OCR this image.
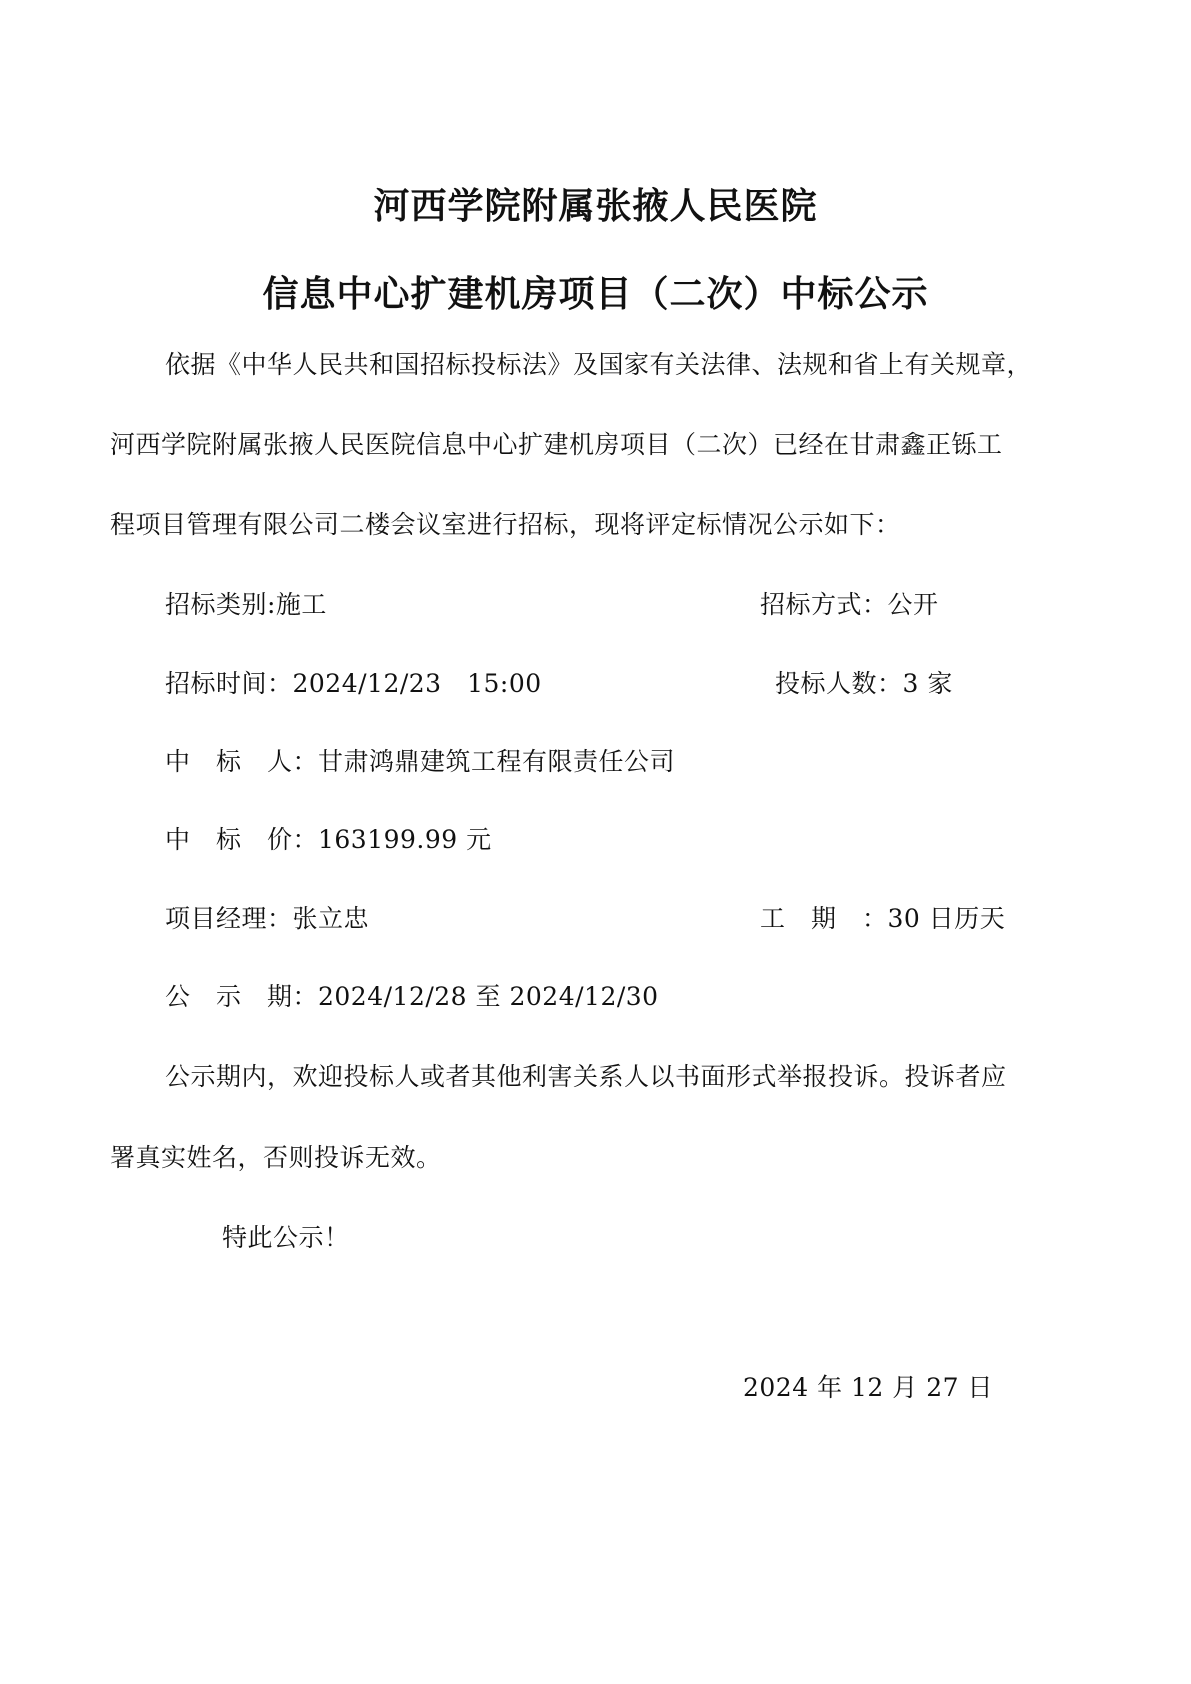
河西学院附属张掖人民医院
信息中心扩建机房项目（二次）中标公示
依据《中华人民共和国招标投标法》及国家有关法律、法规和省上有关规章，
河西学院附属张掖人民医院信息中心扩建机房项目（二次）已经在甘肃鑫正铄工
程项目管理有限公司二楼会议室进行招标，现将评定标情况公示如下：
招标类别:施工	招标方式：公开
招标时间：2024/12/23　15:00	投标人数：3 家
中　标　人：甘肃鸿鼎建筑工程有限责任公司
中　标　价：163199.99 元
项目经理：张立忠	工　期　：30 日历天
公　示　期：2024/12/28 至 2024/12/30
公示期内，欢迎投标人或者其他利害关系人以书面形式举报投诉。投诉者应
署真实姓名，否则投诉无效。
特此公示！
2024 年 12 月 27 日
